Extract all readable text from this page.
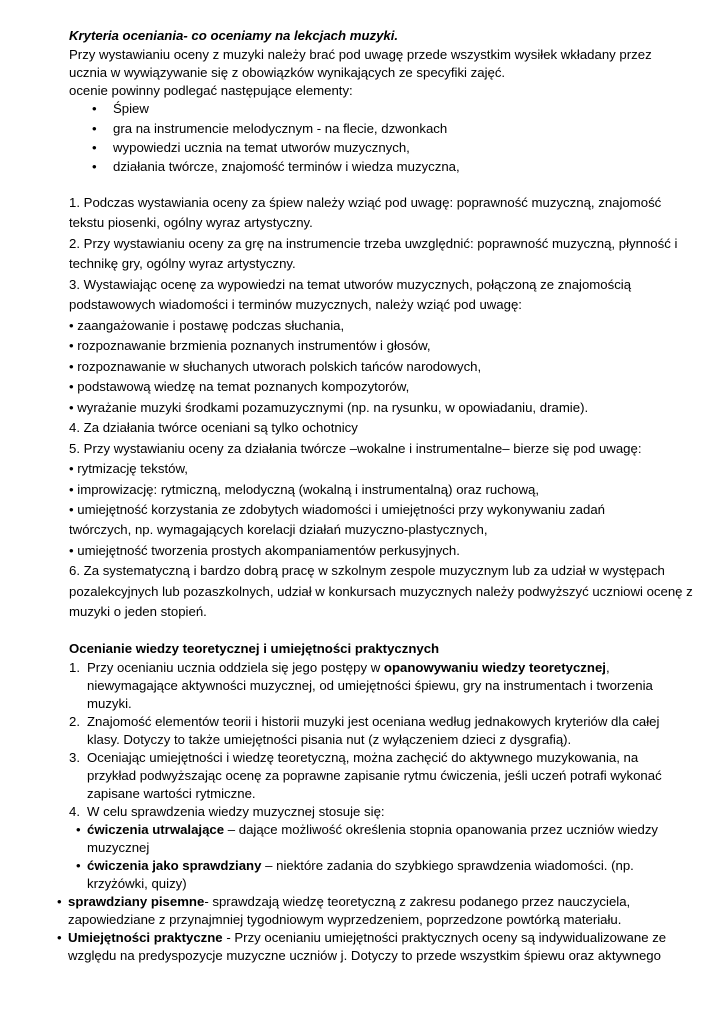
Kryteria oceniania- co oceniamy na lekcjach muzyki.
Przy wystawianiu oceny z muzyki należy brać pod uwagę przede wszystkim wysiłek wkładany przez
ucznia w wywiązywanie się z obowiązków wynikających ze specyfiki zajęć.
ocenie powinny podlegać następujące elementy:
• Śpiew
• gra na instrumencie melodycznym - na flecie, dzwonkach
• wypowiedzi ucznia na temat utworów muzycznych,
• działania twórcze, znajomość terminów i wiedza muzyczna,
1. Podczas wystawiania oceny za śpiew należy wziąć pod uwagę: poprawność muzyczną, znajomość
tekstu piosenki, ogólny wyraz artystyczny.
2. Przy wystawianiu oceny za grę na instrumencie trzeba uwzględnić: poprawność muzyczną, płynność i
technikę gry, ogólny wyraz artystyczny.
3. Wystawiając ocenę za wypowiedzi na temat utworów muzycznych, połączoną ze znajomością
podstawowych wiadomości i terminów muzycznych, należy wziąć pod uwagę:
• zaangażowanie i postawę podczas słuchania,
• rozpoznawanie brzmienia poznanych instrumentów i głosów,
• rozpoznawanie w słuchanych utworach polskich tańców narodowych,
• podstawową wiedzę na temat poznanych kompozytorów,
• wyrażanie muzyki środkami pozamuzycznymi (np. na rysunku, w opowiadaniu, dramie).
4. Za działania twórce oceniani są tylko ochotnicy
5. Przy wystawianiu oceny za działania twórcze –wokalne i instrumentalne– bierze się pod uwagę:
• rytmizację tekstów,
• improwizację: rytmiczną, melodyczną (wokalną i instrumentalną) oraz ruchową,
• umiejętność korzystania ze zdobytych wiadomości i umiejętności przy wykonywaniu zadań
twórczych, np. wymagających korelacji działań muzyczno-plastycznych,
• umiejętność tworzenia prostych akompaniamentów perkusyjnych.
6. Za systematyczną i bardzo dobrą pracę w szkolnym zespole muzycznym lub za udział w występach
pozalekcyjnych lub pozaszkolnych, udział w konkursach muzycznych należy podwyższyć uczniowi ocenę z
muzyki o jeden stopień.
Ocenianie wiedzy teoretycznej i umiejętności praktycznych
1. Przy ocenianiu ucznia oddziela się jego postępy w opanowywaniu wiedzy teoretycznej,
niewymagające aktywności muzycznej, od umiejętności śpiewu, gry na instrumentach i tworzenia
muzyki.
2. Znajomość elementów teorii i historii muzyki jest oceniana według jednakowych kryteriów dla całej
klasy. Dotyczy to także umiejętności pisania nut (z wyłączeniem dzieci z dysgrafią).
3. Oceniając umiejętności i wiedzę teoretyczną, można zachęcić do aktywnego muzykowania, na
przykład podwyższając ocenę za poprawne zapisanie rytmu ćwiczenia, jeśli uczeń potrafi wykonać
zapisane wartości rytmiczne.
4. W celu sprawdzenia wiedzy muzycznej stosuje się:
• ćwiczenia utrwalające – dające możliwość określenia stopnia opanowania przez uczniów wiedzy
muzycznej
• ćwiczenia jako sprawdziany – niektóre zadania do szybkiego sprawdzenia wiadomości. (np.
krzyżówki, quizy)
• sprawdziany pisemne- sprawdzają wiedzę teoretyczną z zakresu podanego przez nauczyciela,
zapowiedziane z przynajmniej tygodniowym wyprzedzeniem, poprzedzone powtórką materiału.
• Umiejętności praktyczne - Przy ocenianiu umiejętności praktycznych oceny są indywidualizowane ze
względu na predyspozycje muzyczne uczniów j. Dotyczy to przede wszystkim śpiewu oraz aktywnego
